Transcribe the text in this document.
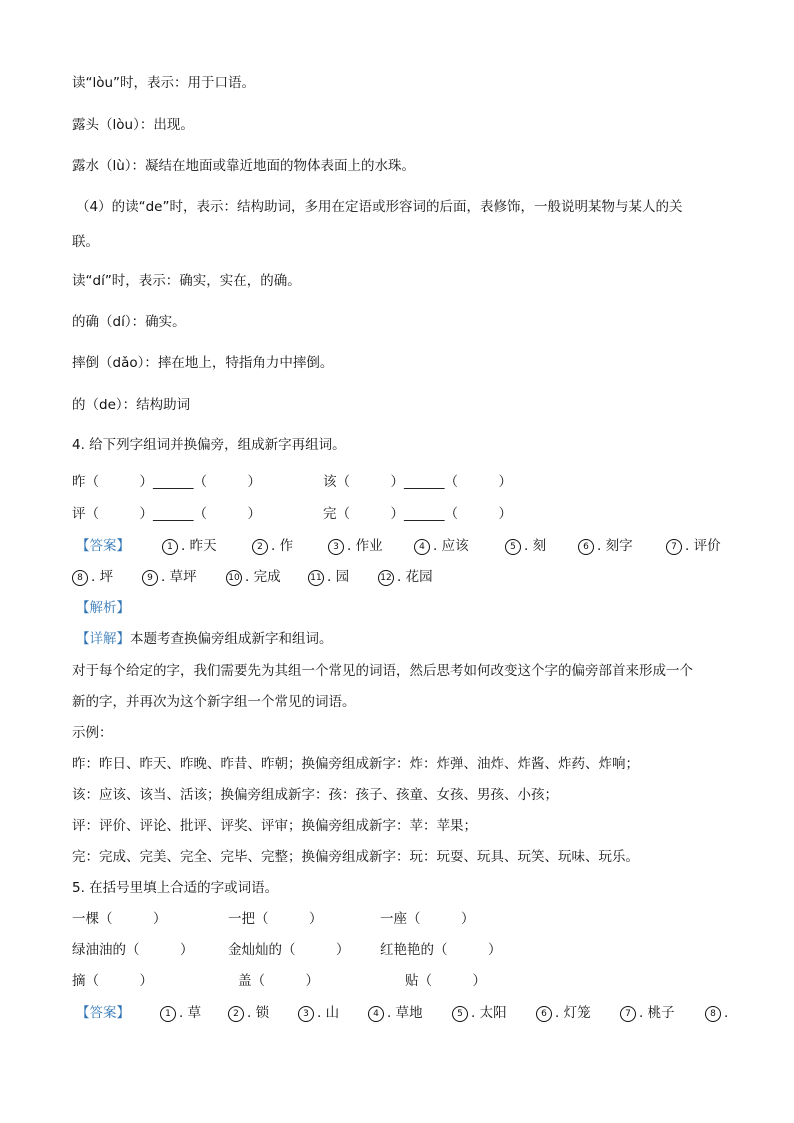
读“lòu”时，表示：用于口语。
露头（lòu）：出现。
露水（lù）：凝结在地面或靠近地面的物体表面上的水珠。
（4）的读“de”时，表示：结构助词，多用在定语或形容词的后面，表修饰，一般说明某物与某人的关
联。
读“dí”时，表示：确实，实在，的确。
的确（dí）：确实。
摔倒（dǎo）：摔在地上，特指角力中摔倒。
的（de）：结构助词
4. 给下列字组词并换偏旁，组成新字再组词。
昨（　　　）______（　　　）	该（　　　）______（　　　）
评（　　　）______（　　　）	完（　　　）______（　　　）
【答案】	1 . 昨天	2 . 作	3 . 作业	4 . 应该	5 . 刻	6 . 刻字	7 . 评价
8 . 坪	9 . 草坪	10 . 完成	11 . 园	12 . 花园
【解析】
【详解】本题考查换偏旁组成新字和组词。
对于每个给定的字，我们需要先为其组一个常见的词语，然后思考如何改变这个字的偏旁部首来形成一个
新的字，并再次为这个新字组一个常见的词语。
示例：
昨：昨日、昨天、昨晚、昨昔、昨朝；换偏旁组成新字：炸：炸弹、油炸、炸酱、炸药、炸响；
该：应该、该当、活该；换偏旁组成新字：孩：孩子、孩童、女孩、男孩、小孩；
评：评价、评论、批评、评奖、评审；换偏旁组成新字：苹：苹果；
完：完成、完美、完全、完毕、完整；换偏旁组成新字：玩：玩耍、玩具、玩笑、玩味、玩乐。
5. 在括号里填上合适的字或词语。
一棵（　　　）	一把（　　　）	一座（　　　）
绿油油的（　　　）	金灿灿的（　　　） 红艳艳的（　　　）
摘（　　　）	盖（　　　）	贴（　　　）
【答案】	1 . 草	2 . 锁	3 . 山	4 . 草地	5 . 太阳	6 . 灯笼	7 . 桃子	8 .
